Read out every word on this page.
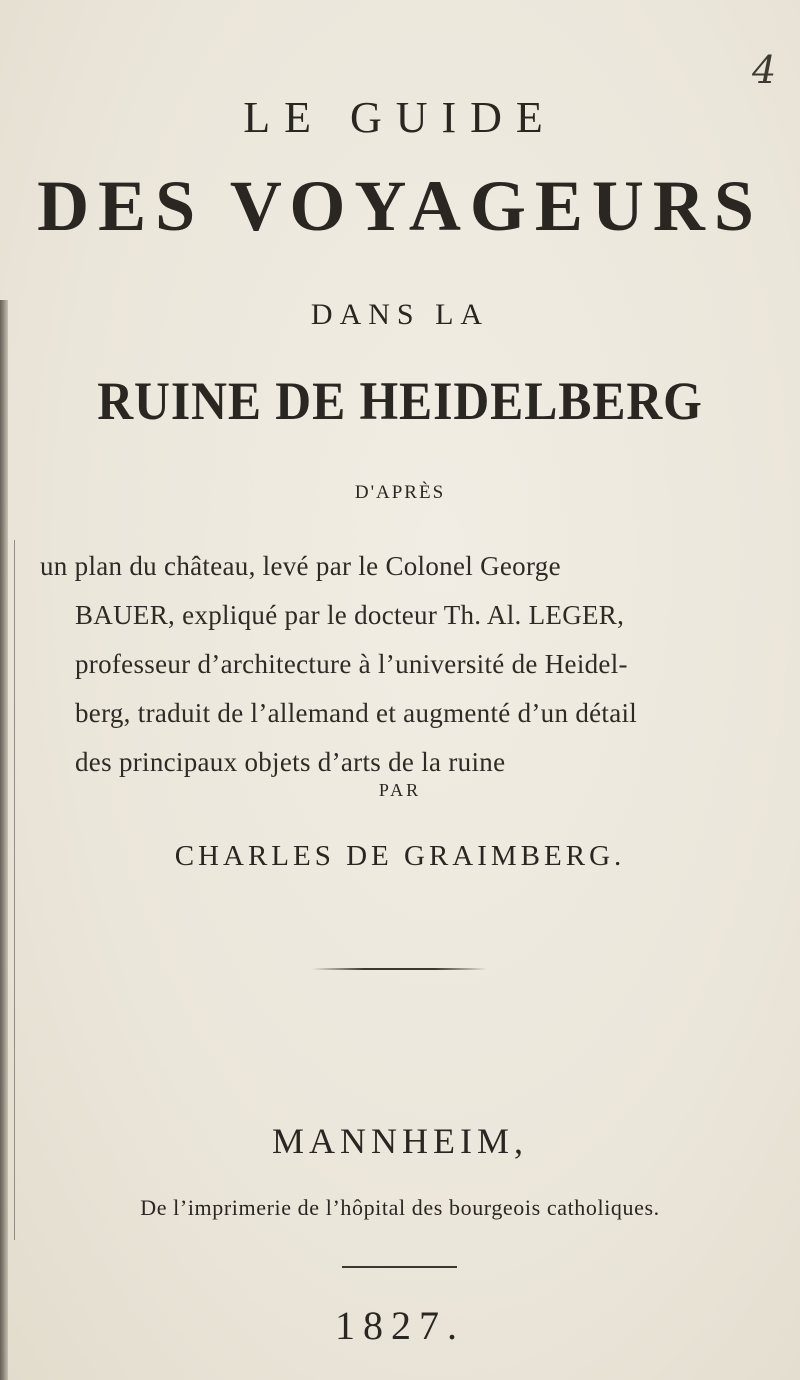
4
LE GUIDE
DES VOYAGEURS
DANS LA
RUINE DE HEIDELBERG
D'APRÈS
un plan du château, levé par le Colonel George
BAUER, expliqué par le docteur Th. Al. LEGER,
professeur d’architecture à l’université de Heidel-
berg, traduit de l’allemand et augmenté d’un détail
des principaux objets d’arts de la ruine
PAR
CHARLES DE GRAIMBERG.
MANNHEIM,
De l’imprimerie de l’hôpital des bourgeois catholiques.
1827.
